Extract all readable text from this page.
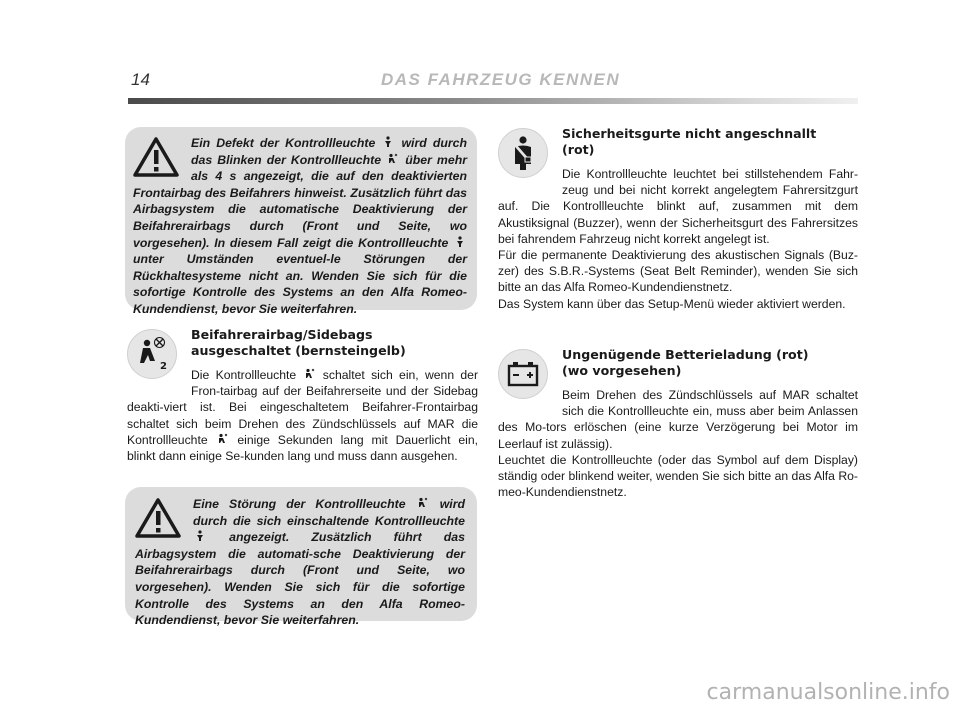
14	DAS FAHRZEUG KENNEN
Ein Defekt der Kontrollleuchte wird durch das Blinken der Kontrollleuchte über mehr als 4 s angezeigt, die auf den deaktivierten Frontairbag des Beifahrers hinweist. Zusätzlich führt das Airbagsystem die automatische Deaktivierung der Beifahrerairbags durch (Front und Seite, wo vorgesehen). In diesem Fall zeigt die Kontrollleuchte  unter Umständen eventuel-le Störungen der Rückhaltesysteme nicht an. Wenden Sie sich für die sofortige Kontrolle des Systems an den Alfa Romeo-Kundendienst, bevor Sie weiterfahren.
2
Beifahrerairbag/Sidebags
ausgeschaltet (bernsteingelb)

Die Kontrollleuchte schaltet sich ein, wenn der Fron-tairbag auf der Beifahrerseite und der Sidebag deakti-viert ist. Bei eingeschaltetem Beifahrer-Frontairbag schaltet sich beim Drehen des Zündschlüssels auf MAR die Kontrollleuchte einige Sekunden lang mit Dauerlicht ein, blinkt dann einige Se-kunden lang und muss dann ausgehen.

Eine Störung der Kontrollleuchte	wird durch die sich einschaltende Kontrollleuchte  angezeigt. Zusätzlich führt das Airbagsystem die automati-sche Deaktivierung der Beifahrerairbags durch (Front und Seite, wo vorgesehen). Wenden Sie sich für die sofortige Kontrolle des Systems an den Alfa Romeo-Kundendienst, bevor Sie weiterfahren.
Sicherheitsgurte nicht angeschnallt
(rot)

Die Kontrollleuchte leuchtet bei stillstehendem Fahr-zeug und bei nicht korrekt angelegtem Fahrersitzgurt auf. Die Kontrollleuchte blinkt auf, zusammen mit dem Akustiksignal (Buzzer), wenn der Sicherheitsgurt des Fahrersitzes bei fahrendem Fahrzeug nicht korrekt angelegt ist.

Für die permanente Deaktivierung des akustischen Signals (Buz-zer) des S.B.R.-Systems (Seat Belt Reminder), wenden Sie sich bitte an das Alfa Romeo-Kundendienstnetz.

Das System kann über das Setup-Menü wieder aktiviert werden.

Ungenügende Betterieladung (rot)
(wo vorgesehen)

Beim Drehen des Zündschlüssels auf MAR schaltet sich die Kontrollleuchte ein, muss aber beim Anlassen des Mo-tors erlöschen (eine kurze Verzögerung bei Motor im Leerlauf ist zulässig).

Leuchtet die Kontrollleuchte (oder das Symbol auf dem Display) ständig oder blinkend weiter, wenden Sie sich bitte an das Alfa Ro-meo-Kundendienstnetz.

carmanualsonline.info
